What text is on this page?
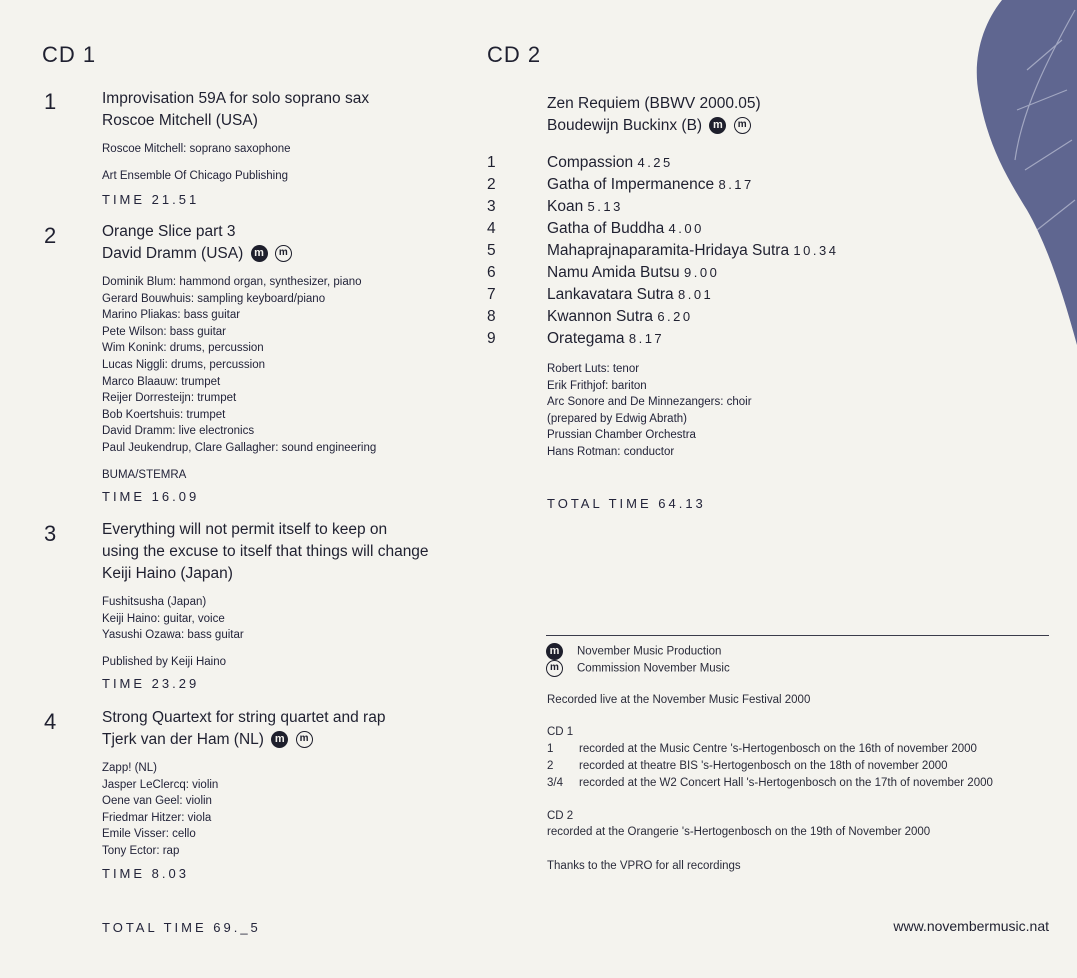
CD 1
1	Improvisation 59A for solo soprano sax
Roscoe Mitchell (USA)
Roscoe Mitchell: soprano saxophone
Art Ensemble Of Chicago Publishing
TIME 21.51
2	Orange Slice part 3
David Dramm (USA) m m
Dominik Blum: hammond organ, synthesizer, piano
Gerard Bouwhuis: sampling keyboard/piano
Marino Pliakas: bass guitar
Pete Wilson: bass guitar
Wim Konink: drums, percussion
Lucas Niggli: drums, percussion
Marco Blaauw: trumpet
Reijer Dorresteijn: trumpet
Bob Koertshuis: trumpet
David Dramm: live electronics
Paul Jeukendrup, Clare Gallagher: sound engineering
BUMA/STEMRA
TIME 16.09
3	Everything will not permit itself to keep on
using the excuse to itself that things will change
Keiji Haino (Japan)
Fushitsusha (Japan)
Keiji Haino: guitar, voice
Yasushi Ozawa: bass guitar
Published by Keiji Haino
TIME 23.29
4	Strong Quartext for string quartet and rap
Tjerk van der Ham (NL) m m
Zapp! (NL)
Jasper LeClercq: violin
Oene van Geel: violin
Friedmar Hitzer: viola
Emile Visser: cello
Tony Ector: rap
TIME 8.03
TOTAL TIME 69._5
CD 2
Zen Requiem (BBWV 2000.05)
Boudewijn Buckinx (B) m m
1	Compassion 4.25
2	Gatha of Impermanence 8.17
3	Koan 5.13
4	Gatha of Buddha 4.00
5	Mahaprajnaparamita-Hridaya Sutra 10.34
6	Namu Amida Butsu 9.00
7	Lankavatara Sutra 8.01
8	Kwannon Sutra 6.20
9	Orategama 8.17
Robert Luts: tenor
Erik Frithjof: bariton
Arc Sonore and De Minnezangers: choir
(prepared by Edwig Abrath)
Prussian Chamber Orchestra
Hans Rotman: conductor
TOTAL TIME 64.13
m November Music Production
m Commission November Music
Recorded live at the November Music Festival 2000
CD 1
1 recorded at the Music Centre 's-Hertogenbosch on the 16th of november 2000
2 recorded at theatre BIS 's-Hertogenbosch on the 18th of november 2000
3/4 recorded at the W2 Concert Hall 's-Hertogenbosch on the 17th of november 2000
CD 2
recorded at the Orangerie 's-Hertogenbosch on the 19th of November 2000
Thanks to the VPRO for all recordings
www.novembermusic.nat
